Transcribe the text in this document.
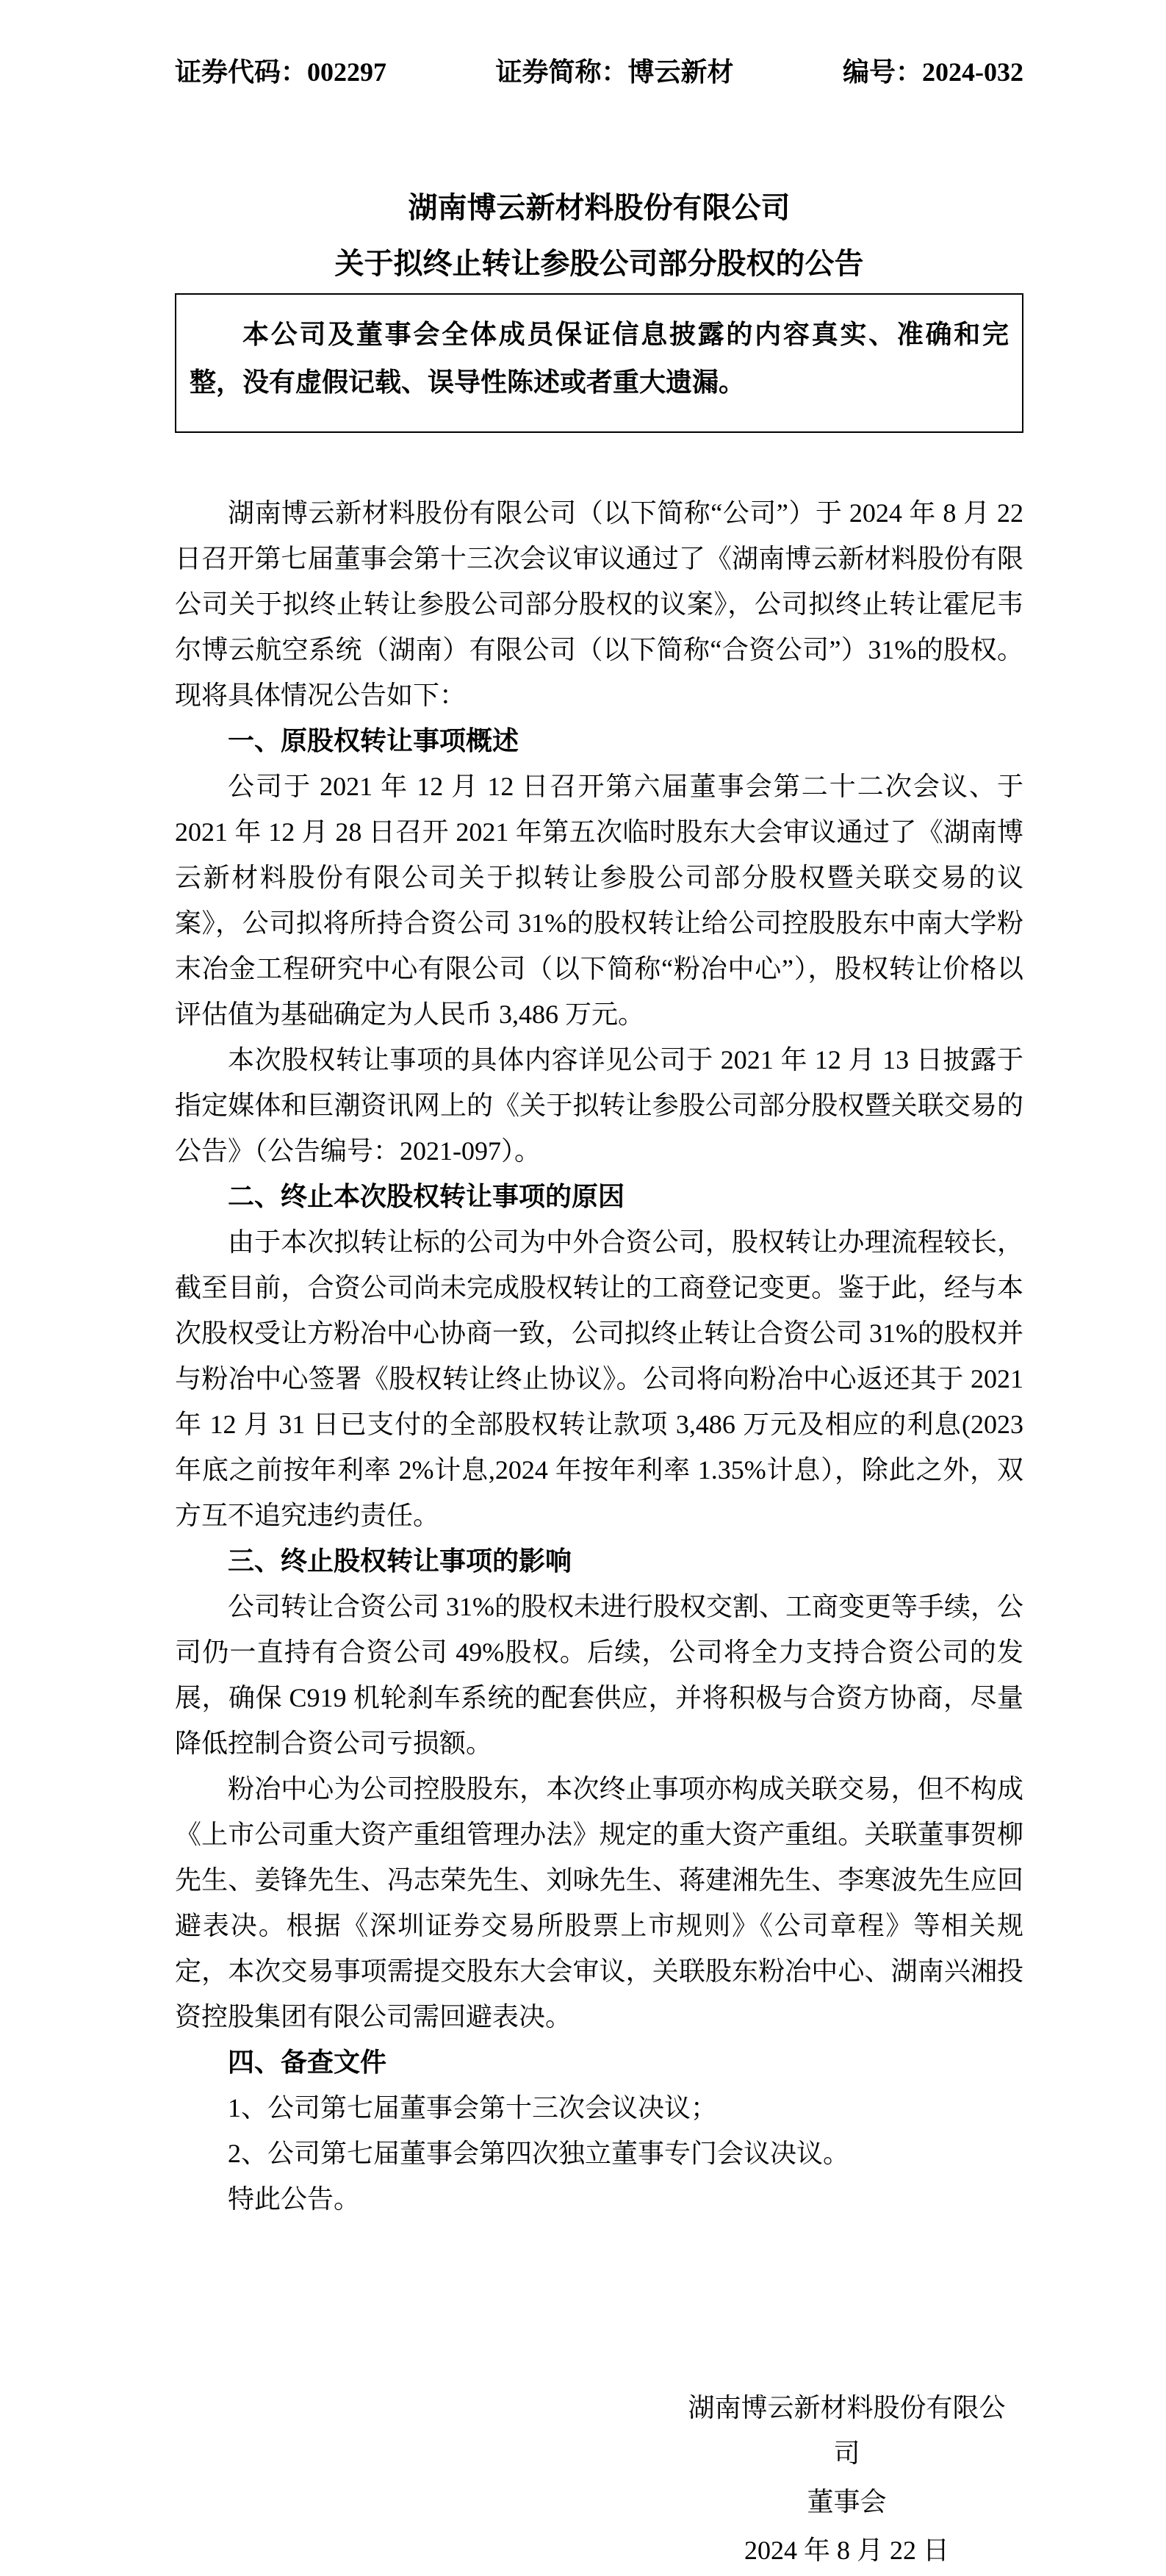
证券代码：002297	证券简称：博云新材	编号：2024-032
湖南博云新材料股份有限公司
关于拟终止转让参股公司部分股权的公告

本公司及董事会全体成员保证信息披露的内容真实、准确和完整，没有虚假记载、误导性陈述或者重大遗漏。

湖南博云新材料股份有限公司（以下简称“公司”）于 2024 年 8 月 22 日召开第七届董事会第十三次会议审议通过了《湖南博云新材料股份有限公司关于拟终止转让参股公司部分股权的议案》，公司拟终止转让霍尼韦尔博云航空系统（湖南）有限公司（以下简称“合资公司”）31%的股权。现将具体情况公告如下：

一、原股权转让事项概述

公司于 2021 年 12 月 12 日召开第六届董事会第二十二次会议、于 2021 年 12 月 28 日召开 2021 年第五次临时股东大会审议通过了《湖南博云新材料股份有限公司关于拟转让参股公司部分股权暨关联交易的议案》，公司拟将所持合资公司 31%的股权转让给公司控股股东中南大学粉末冶金工程研究中心有限公司（以下简称“粉冶中心”），股权转让价格以评估值为基础确定为人民币 3,486 万元。

本次股权转让事项的具体内容详见公司于 2021 年 12 月 13 日披露于指定媒体和巨潮资讯网上的《关于拟转让参股公司部分股权暨关联交易的公告》（公告编号：2021-097）。

二、终止本次股权转让事项的原因

由于本次拟转让标的公司为中外合资公司，股权转让办理流程较长，截至目前，合资公司尚未完成股权转让的工商登记变更。鉴于此，经与本次股权受让方粉冶中心协商一致，公司拟终止转让合资公司 31%的股权并与粉冶中心签署《股权转让终止协议》。公司将向粉冶中心返还其于 2021 年 12 月 31 日已支付的全部股权转让款项 3,486 万元及相应的利息(2023 年底之前按年利率 2%计息,2024 年按年利率 1.35%计息），除此之外，双方互不追究违约责任。

三、终止股权转让事项的影响

公司转让合资公司 31%的股权未进行股权交割、工商变更等手续，公司仍一直持有合资公司 49%股权。后续，公司将全力支持合资公司的发展，确保 C919 机轮刹车系统的配套供应，并将积极与合资方协商，尽量降低控制合资公司亏损额。

粉冶中心为公司控股股东，本次终止事项亦构成关联交易，但不构成《上市公司重大资产重组管理办法》规定的重大资产重组。关联董事贺柳先生、姜锋先生、冯志荣先生、刘咏先生、蒋建湘先生、李寒波先生应回避表决。根据《深圳证券交易所股票上市规则》《公司章程》等相关规定，本次交易事项需提交股东大会审议，关联股东粉冶中心、湖南兴湘投资控股集团有限公司需回避表决。

四、备查文件

1、公司第七届董事会第十三次会议决议；

2、公司第七届董事会第四次独立董事专门会议决议。

特此公告。

湖南博云新材料股份有限公司
董事会
2024 年 8 月 22 日
